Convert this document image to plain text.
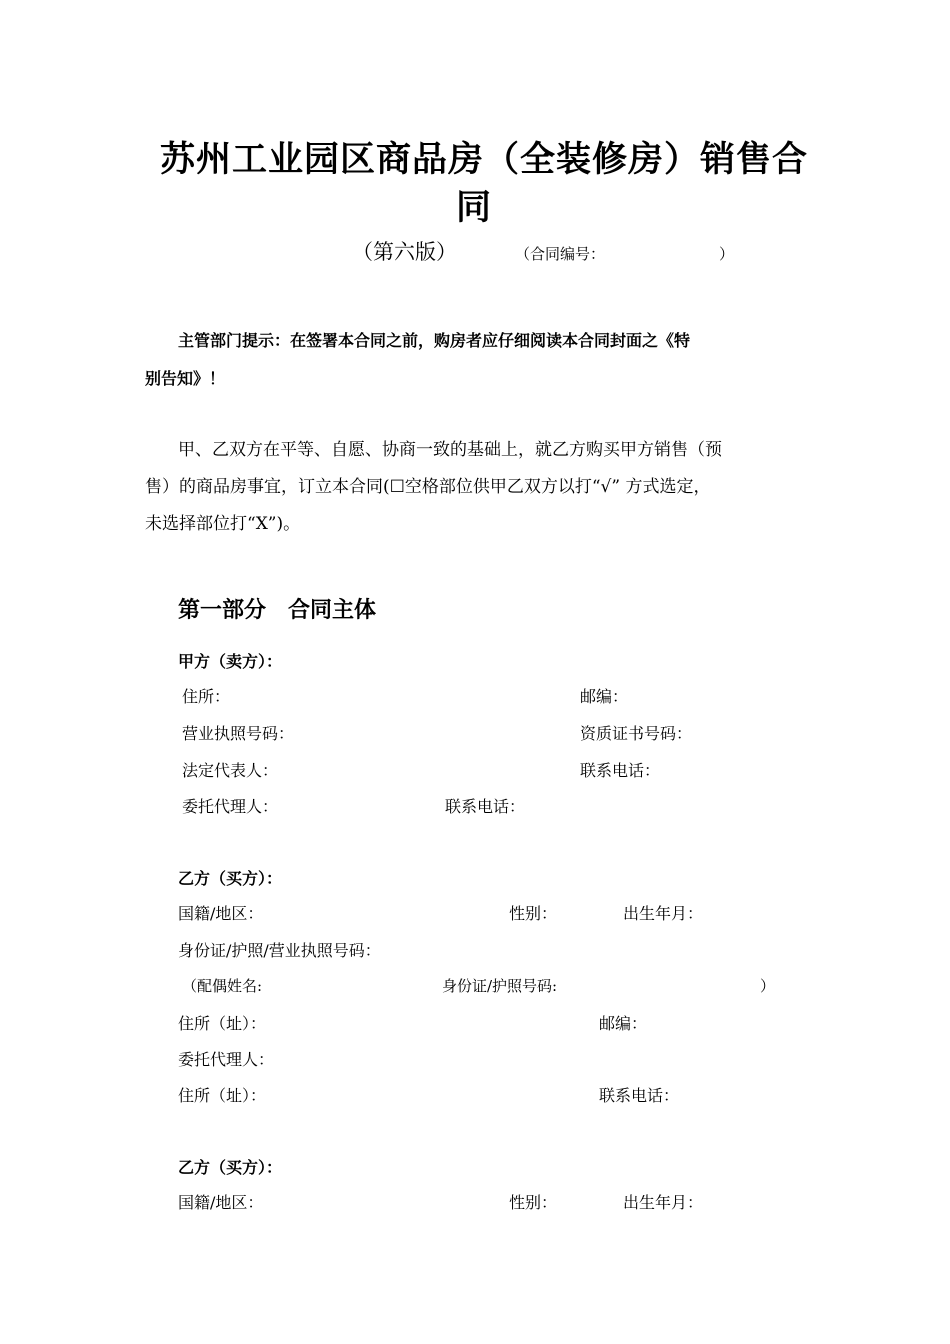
苏州工业园区商品房（全装修房）销售合
同
（第六版）	（合同编号：	）
主管部门提示：在签署本合同之前，购房者应仔细阅读本合同封面之《特
别告知》！
甲、乙双方在平等、自愿、协商一致的基础上，就乙方购买甲方销售（预
售）的商品房事宜，订立本合同(☐空格部位供甲乙双方以打“√” 方式选定，
未选择部位打“X”)。
第一部分　合同主体
甲方（卖方）：
住所：	邮编：
营业执照号码：	资质证书号码：
法定代表人：	联系电话：
委托代理人：	联系电话：
乙方（买方）：
国籍/地区：	性别：	出生年月：
身份证/护照/营业执照号码：
（配偶姓名:	身份证/护照号码:	）
住所（址）：	邮编：
委托代理人：
住所（址）：	联系电话：
乙方（买方）：
国籍/地区：	性别：	出生年月：
